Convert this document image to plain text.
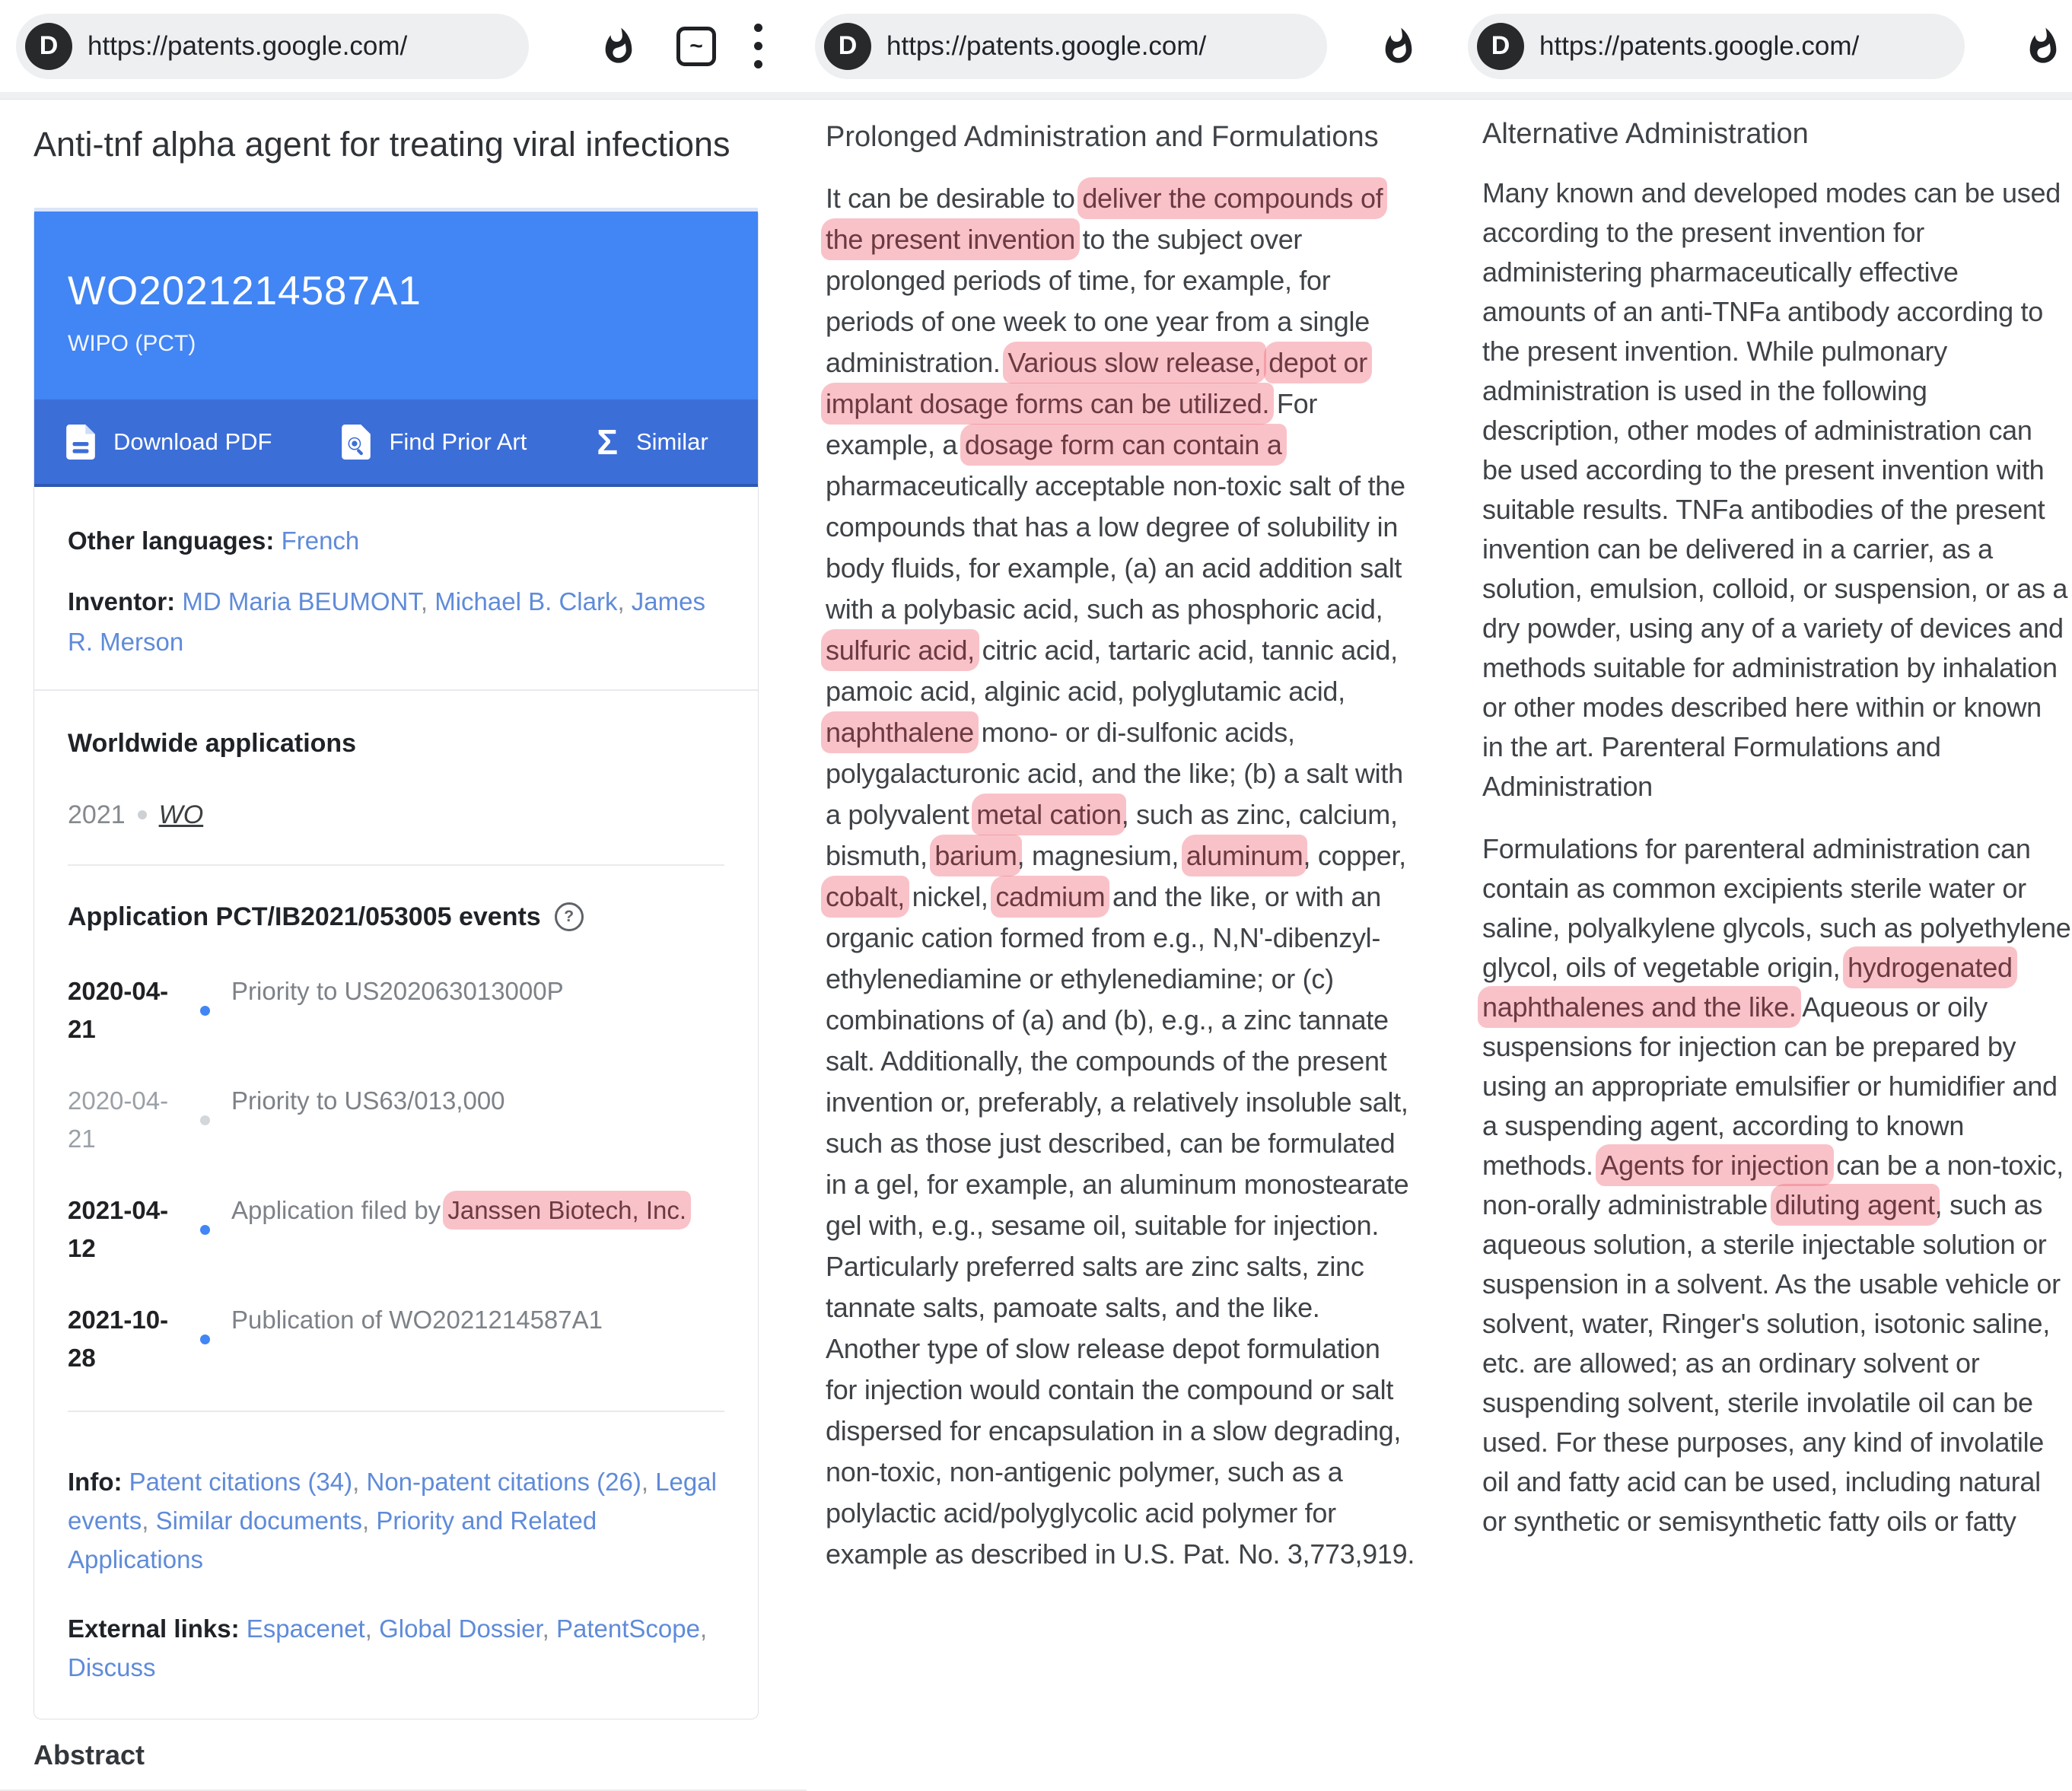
D	https://patents.google.com/	~
Anti-tnf alpha agent for treating viral infections
WO2021214587A1
WIPO (PCT)
Download PDF	Find Prior Art Σ Similar
Other languages: French
Inventor: MD Maria BEUMONT, Michael B. Clark, James R. Merson
Worldwide applications
2021 WO
Application PCT/IB2021/053005 events	?
2020-04-21
Priority to US202063013000P
2020-04-21
Priority to US63/013,000
2021-04-12
Application filed by Janssen Biotech, Inc.
2021-10-28
Publication of WO2021214587A1
Info: Patent citations (34), Non-patent citations (26), Legal events, Similar documents, Priority and Related Applications
External links: Espacenet, Global Dossier, PatentScope, Discuss
Abstract
D	https://patents.google.com/
Prolonged Administration and Formulations
It can be desirable to deliver the compounds of
the present invention to the subject over
prolonged periods of time, for example, for
periods of one week to one year from a single
administration. Various slow release, depot or
implant dosage forms can be utilized. For
example, a dosage form can contain a
pharmaceutically acceptable non-toxic salt of the
compounds that has a low degree of solubility in
body fluids, for example, (a) an acid addition salt
with a polybasic acid, such as phosphoric acid,
sulfuric acid, citric acid, tartaric acid, tannic acid,
pamoic acid, alginic acid, polyglutamic acid,
naphthalene mono- or di-sulfonic acids,
polygalacturonic acid, and the like; (b) a salt with
a polyvalent metal cation, such as zinc, calcium,
bismuth, barium, magnesium, aluminum, copper,
cobalt, nickel, cadmium and the like, or with an
organic cation formed from e.g., N,N'-dibenzyl-
ethylenediamine or ethylenediamine; or (c)
combinations of (a) and (b), e.g., a zinc tannate
salt. Additionally, the compounds of the present
invention or, preferably, a relatively insoluble salt,
such as those just described, can be formulated
in a gel, for example, an aluminum monostearate
gel with, e.g., sesame oil, suitable for injection.
Particularly preferred salts are zinc salts, zinc
tannate salts, pamoate salts, and the like.
Another type of slow release depot formulation
for injection would contain the compound or salt
dispersed for encapsulation in a slow degrading,
non-toxic, non-antigenic polymer, such as a
polylactic acid/polyglycolic acid polymer for
example as described in U.S. Pat. No. 3,773,919.
D	https://patents.google.com/
Alternative Administration
Many known and developed modes can be used
according to the present invention for
administering pharmaceutically effective
amounts of an anti-TNFa antibody according to
the present invention. While pulmonary
administration is used in the following
description, other modes of administration can
be used according to the present invention with
suitable results. TNFa antibodies of the present
invention can be delivered in a carrier, as a
solution, emulsion, colloid, or suspension, or as a
dry powder, using any of a variety of devices and
methods suitable for administration by inhalation
or other modes described here within or known
in the art. Parenteral Formulations and
Administration
Formulations for parenteral administration can
contain as common excipients sterile water or
saline, polyalkylene glycols, such as polyethylene
glycol, oils of vegetable origin, hydrogenated
naphthalenes and the like. Aqueous or oily
suspensions for injection can be prepared by
using an appropriate emulsifier or humidifier and
a suspending agent, according to known
methods. Agents for injection can be a non-toxic,
non-orally administrable diluting agent, such as
aqueous solution, a sterile injectable solution or
suspension in a solvent. As the usable vehicle or
solvent, water, Ringer's solution, isotonic saline,
etc. are allowed; as an ordinary solvent or
suspending solvent, sterile involatile oil can be
used. For these purposes, any kind of involatile
oil and fatty acid can be used, including natural
or synthetic or semisynthetic fatty oils or fatty
